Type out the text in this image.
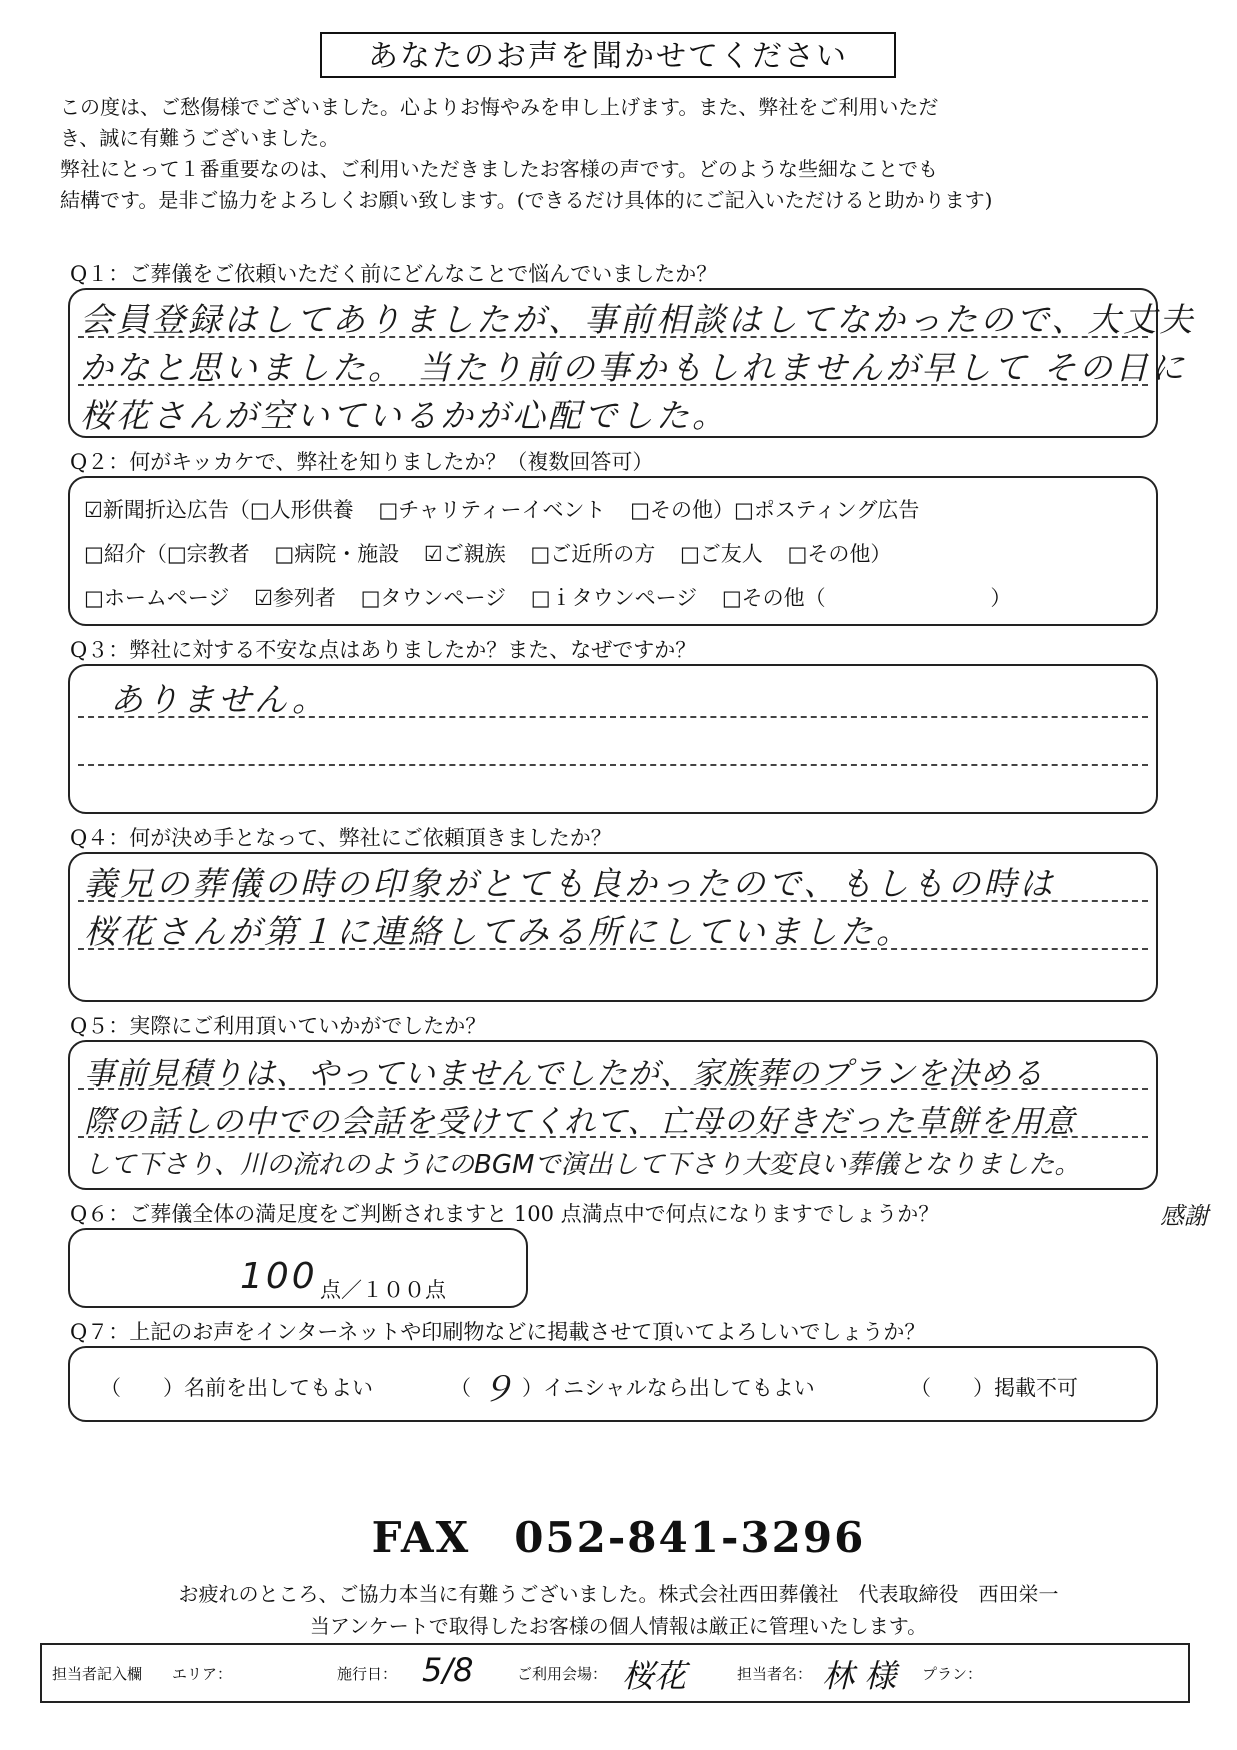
あなたのお声を聞かせてください

この度は、ご愁傷様でございました。心よりお悔やみを申し上げます。また、弊社をご利用いただ

き、誠に有難うございました。

弊社にとって１番重要なのは、ご利用いただきましたお客様の声です。どのような些細なことでも

結構です。是非ご協力をよろしくお願い致します。(できるだけ具体的にご記入いただけると助かります)

Q１：ご葬儀をご依頼いただく前にどんなことで悩んでいましたか？
会員登録はしてありましたが、事前相談はしてなかったので、大丈夫
かなと思いました。 当たり前の事かもしれませんが早して その日に
桜花さんが空いているかが心配でした。
Q２：何がキッカケで、弊社を知りましたか？（複数回答可）
☑新聞折込広告（□人形供養 □チャリティーイベント □その他）□ポスティング広告
□紹介（□宗教者 □病院・施設 ☑ご親族 □ご近所の方 □ご友人 □その他）
□ホームページ ☑参列者 □タウンページ □ｉタウンページ □その他（	）
Q３：弊社に対する不安な点はありましたか？また、なぜですか？
ありません。
Q４：何が決め手となって、弊社にご依頼頂きましたか？
義兄の葬儀の時の印象がとても良かったので、もしもの時は
桜花さんが第１に連絡してみる所にしていました。
Q５：実際にご利用頂いていかがでしたか？
事前見積りは、やっていませんでしたが、家族葬のプランを決める
際の話しの中での会話を受けてくれて、亡母の好きだった草餅を用意
して下さり、川の流れのようにのBGMで演出して下さり大変良い葬儀となりました。
感謝
Q６：ご葬儀全体の満足度をご判断されますと 100 点満点中で何点になりますでしょうか？
100 点／１００点
Q７：上記のお声をインターネットや印刷物などに掲載させて頂いてよろしいでしょうか？
（　　）名前を出してもよい	（ ９ ）イニシャルなら出してもよい	（　　）掲載不可
FAX　052-841-3296
お疲れのところ、ご協力本当に有難うございました。株式会社西田葬儀社　代表取締役　西田栄一
当アンケートで取得したお客様の個人情報は厳正に管理いたします。
担当者記入欄 エリア：	施行日： 5/8	ご利用会場： 桜花	担当者名： 林 様 プラン：
